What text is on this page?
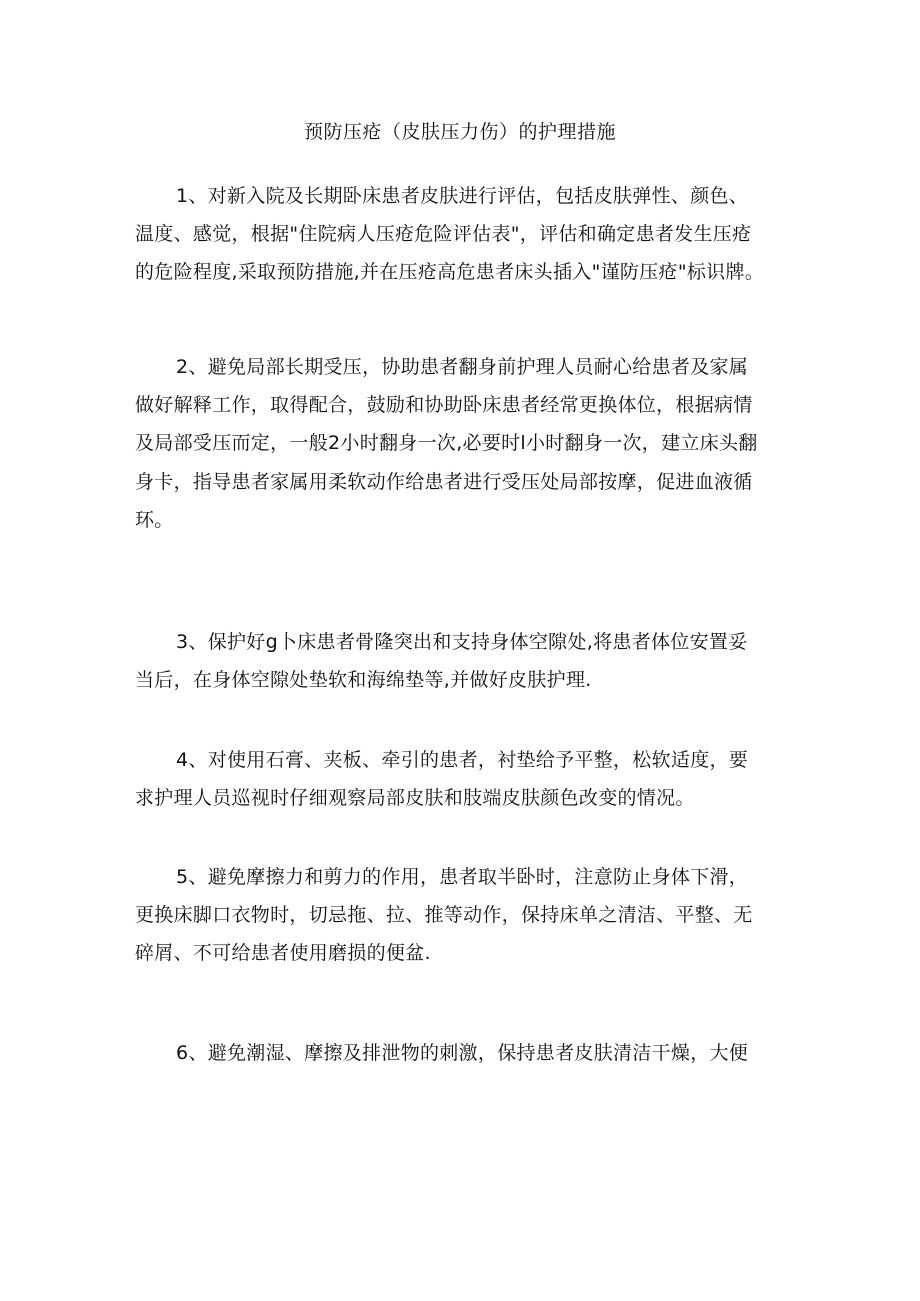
预防压疮（皮肤压力伤）的护理措施
1、对新入院及长期卧床患者皮肤进行评估，包括皮肤弹性、颜色、
温度、感觉，根据"住院病人压疮危险评估表"，评估和确定患者发生压疮
的危险程度,采取预防措施,并在压疮高危患者床头插入"谨防压疮"标识牌。
2、避免局部长期受压，协助患者翻身前护理人员耐心给患者及家属
做好解释工作，取得配合，鼓励和协助卧床患者经常更换体位，根据病情
及局部受压而定，一般2小时翻身一次,必要时l小时翻身一次，建立床头翻
身卡，指导患者家属用柔软动作给患者进行受压处局部按摩，促进血液循
环。
3、保护好g卜床患者骨隆突出和支持身体空隙处,将患者体位安置妥
当后，在身体空隙处垫软和海绵垫等,并做好皮肤护理.
4、对使用石膏、夹板、牵引的患者，衬垫给予平整，松软适度，要
求护理人员巡视时仔细观察局部皮肤和肢端皮肤颜色改变的情况。
5、避免摩擦力和剪力的作用，患者取半卧时，注意防止身体下滑，
更换床脚口衣物时，切忌拖、拉、推等动作，保持床单之清洁、平整、无
碎屑、不可给患者使用磨损的便盆.
6、避免潮湿、摩擦及排泄物的刺激，保持患者皮肤清洁干燥，大便
